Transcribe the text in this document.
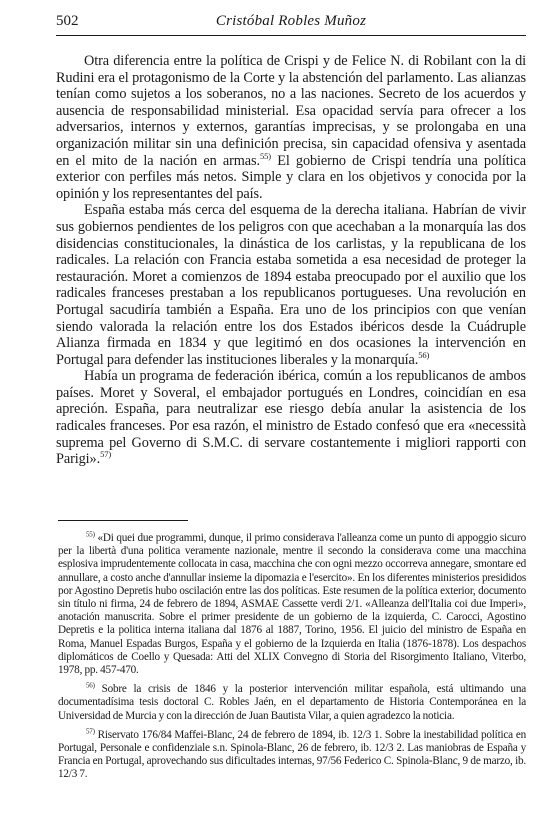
502	Cristóbal Robles Muñoz

Otra diferencia entre la política de Crispi y de Felice N. di Robilant con la di Rudini era el protagonismo de la Corte y la abstención del parlamento. Las alianzas tenían como sujetos a los soberanos, no a las naciones. Secreto de los acuerdos y ausencia de responsabilidad ministerial. Esa opacidad servía para ofrecer a los adversarios, internos y externos, garantías imprecisas, y se prolongaba en una organización militar sin una definición precisa, sin capacidad ofensiva y asentada en el mito de la nación en armas.$^{55)}$ El gobierno de Crispi tendría una política exterior con perfiles más netos. Simple y clara en los objetivos y conocida por la opinión y los representantes del país.

España estaba más cerca del esquema de la derecha italiana. Habrían de vivir sus gobiernos pendientes de los peligros con que acechaban a la monarquía las dos disidencias constitucionales, la dinástica de los carlistas, y la republicana de los radicales. La relación con Francia estaba sometida a esa necesidad de proteger la restauración. Moret a comienzos de 1894 estaba preocupado por el auxilio que los radicales franceses prestaban a los republicanos portugueses. Una revolución en Portugal sacudiría también a España. Era uno de los principios con que venían siendo valorada la relación entre los dos Estados ibéricos desde la Cuádruple Alianza firmada en 1834 y que legitimó en dos ocasiones la intervención en Portugal para defender las instituciones liberales y la monarquía.$^{56)}$

Había un programa de federación ibérica, común a los republicanos de ambos países. Moret y Soveral, el embajador portugués en Londres, coincidían en esa apreción. España, para neutralizar ese riesgo debía anular la asistencia de los radicales franceses. Por esa razón, el ministro de Estado confesó que era «necessità suprema pel Governo di S.M.C. di servare costantemente i migliori rapporti con Parigi».$^{57)}$

$^{55)}$ «Di quei due programmi, dunque, il primo considerava l'alleanza come un punto di appoggio sicuro per la libertà d'una politica veramente nazionale, mentre il secondo la considerava come una macchina esplosiva imprudentemente collocata in casa, macchina che con ogni mezzo occorreva annegare, smontare ed annullare, a costo anche d'annullar insieme la dipomazia e l'esercito». En los diferentes ministerios presididos por Agostino Depretis hubo oscilación entre las dos políticas. Este resumen de la política exterior, documento sin título ni firma, 24 de febrero de 1894, ASMAE Cassette verdi 2/1. «Alleanza dell'Italia coi due Imperi», anotación manuscrita. Sobre el primer presidente de un gobierno de la izquierda, C. Carocci, Agostino Depretis e la politica interna italiana dal 1876 al 1887, Torino, 1956. El juicio del ministro de España en Roma, Manuel Espadas Burgos, España y el gobierno de la Izquierda en Italia (1876-1878). Los despachos diplomáticos de Coello y Quesada: Atti del XLIX Convegno di Storia del Risorgimento Italiano, Viterbo, 1978, pp. 457-470.

$^{56)}$ Sobre la crisis de 1846 y la posterior intervención militar española, está ultimando una documentadísima tesis doctoral C. Robles Jaén, en el departamento de Historia Contemporánea en la Universidad de Murcia y con la dirección de Juan Bautista Vilar, a quien agradezco la noticia.

$^{57)}$ Riservato 176/84 Maffei-Blanc, 24 de febrero de 1894, ib. 12/3 1. Sobre la inestabilidad política en Portugal, Personale e confidenziale s.n. Spinola-Blanc, 26 de febrero, ib. 12/3 2. Las maniobras de España y Francia en Portugal, aprovechando sus dificultades internas, 97/56 Federico C. Spinola-Blanc, 9 de marzo, ib. 12/3 7.
